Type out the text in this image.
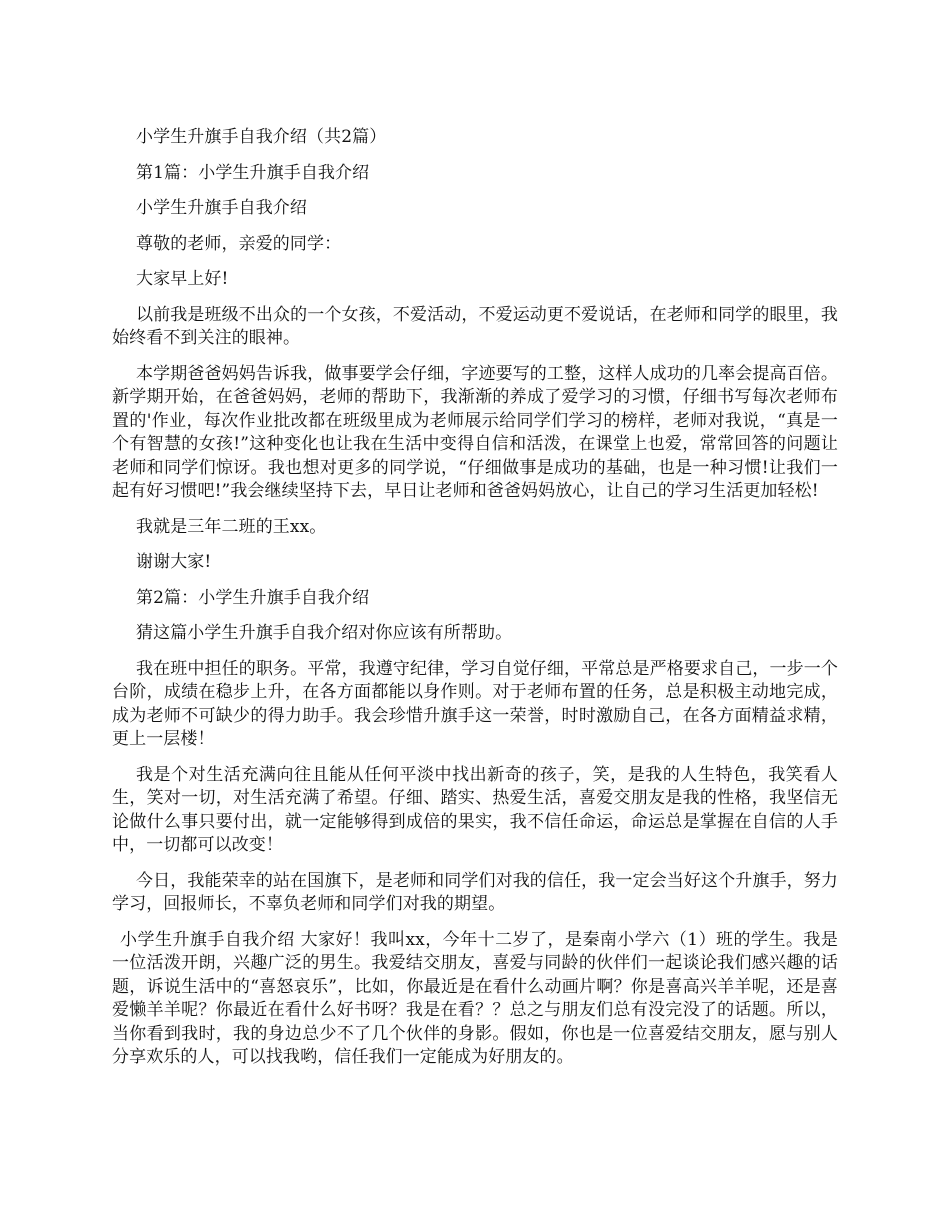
小学生升旗手自我介绍（共2篇）

第1篇：小学生升旗手自我介绍

小学生升旗手自我介绍

尊敬的老师，亲爱的同学：

大家早上好!

以前我是班级不出众的一个女孩，不爱活动，不爱运动更不爱说话，在老师和同学的眼里，我始终看不到关注的眼神。

本学期爸爸妈妈告诉我，做事要学会仔细，字迹要写的工整，这样人成功的几率会提高百倍。新学期开始，在爸爸妈妈，老师的帮助下，我渐渐的养成了爱学习的习惯，仔细书写每次老师布置的'作业，每次作业批改都在班级里成为老师展示给同学们学习的榜样，老师对我说，“真是一个有智慧的女孩!”这种变化也让我在生活中变得自信和活泼，在课堂上也爱，常常回答的问题让老师和同学们惊讶。我也想对更多的同学说，“仔细做事是成功的基础，也是一种习惯!让我们一起有好习惯吧!”我会继续坚持下去，早日让老师和爸爸妈妈放心，让自己的学习生活更加轻松!

我就是三年二班的王xx。

谢谢大家!

第2篇：小学生升旗手自我介绍

猜这篇小学生升旗手自我介绍对你应该有所帮助。

我在班中担任的职务。平常，我遵守纪律，学习自觉仔细，平常总是严格要求自己，一步一个台阶，成绩在稳步上升，在各方面都能以身作则。对于老师布置的任务，总是积极主动地完成，成为老师不可缺少的得力助手。我会珍惜升旗手这一荣誉，时时激励自己，在各方面精益求精，更上一层楼！

我是个对生活充满向往且能从任何平淡中找出新奇的孩子，笑，是我的人生特色，我笑看人生，笑对一切，对生活充满了希望。仔细、踏实、热爱生活，喜爱交朋友是我的性格，我坚信无论做什么事只要付出，就一定能够得到成倍的果实，我不信任命运，命运总是掌握在自信的人手中，一切都可以改变！

今日，我能荣幸的站在国旗下，是老师和同学们对我的信任，我一定会当好这个升旗手，努力学习，回报师长，不辜负老师和同学们对我的期望。

小学生升旗手自我介绍 大家好！我叫xx，今年十二岁了，是秦南小学六（1）班的学生。我是一位活泼开朗，兴趣广泛的男生。我爱结交朋友，喜爱与同龄的伙伴们一起谈论我们感兴趣的话题，诉说生活中的“喜怒哀乐”，比如，你最近是在看什么动画片啊？你是喜高兴羊羊呢，还是喜爱懒羊羊呢？你最近在看什么好书呀？我是在看？？总之与朋友们总有没完没了的话题。所以，当你看到我时，我的身边总少不了几个伙伴的身影。假如，你也是一位喜爱结交朋友，愿与别人分享欢乐的人，可以找我哟，信任我们一定能成为好朋友的。
